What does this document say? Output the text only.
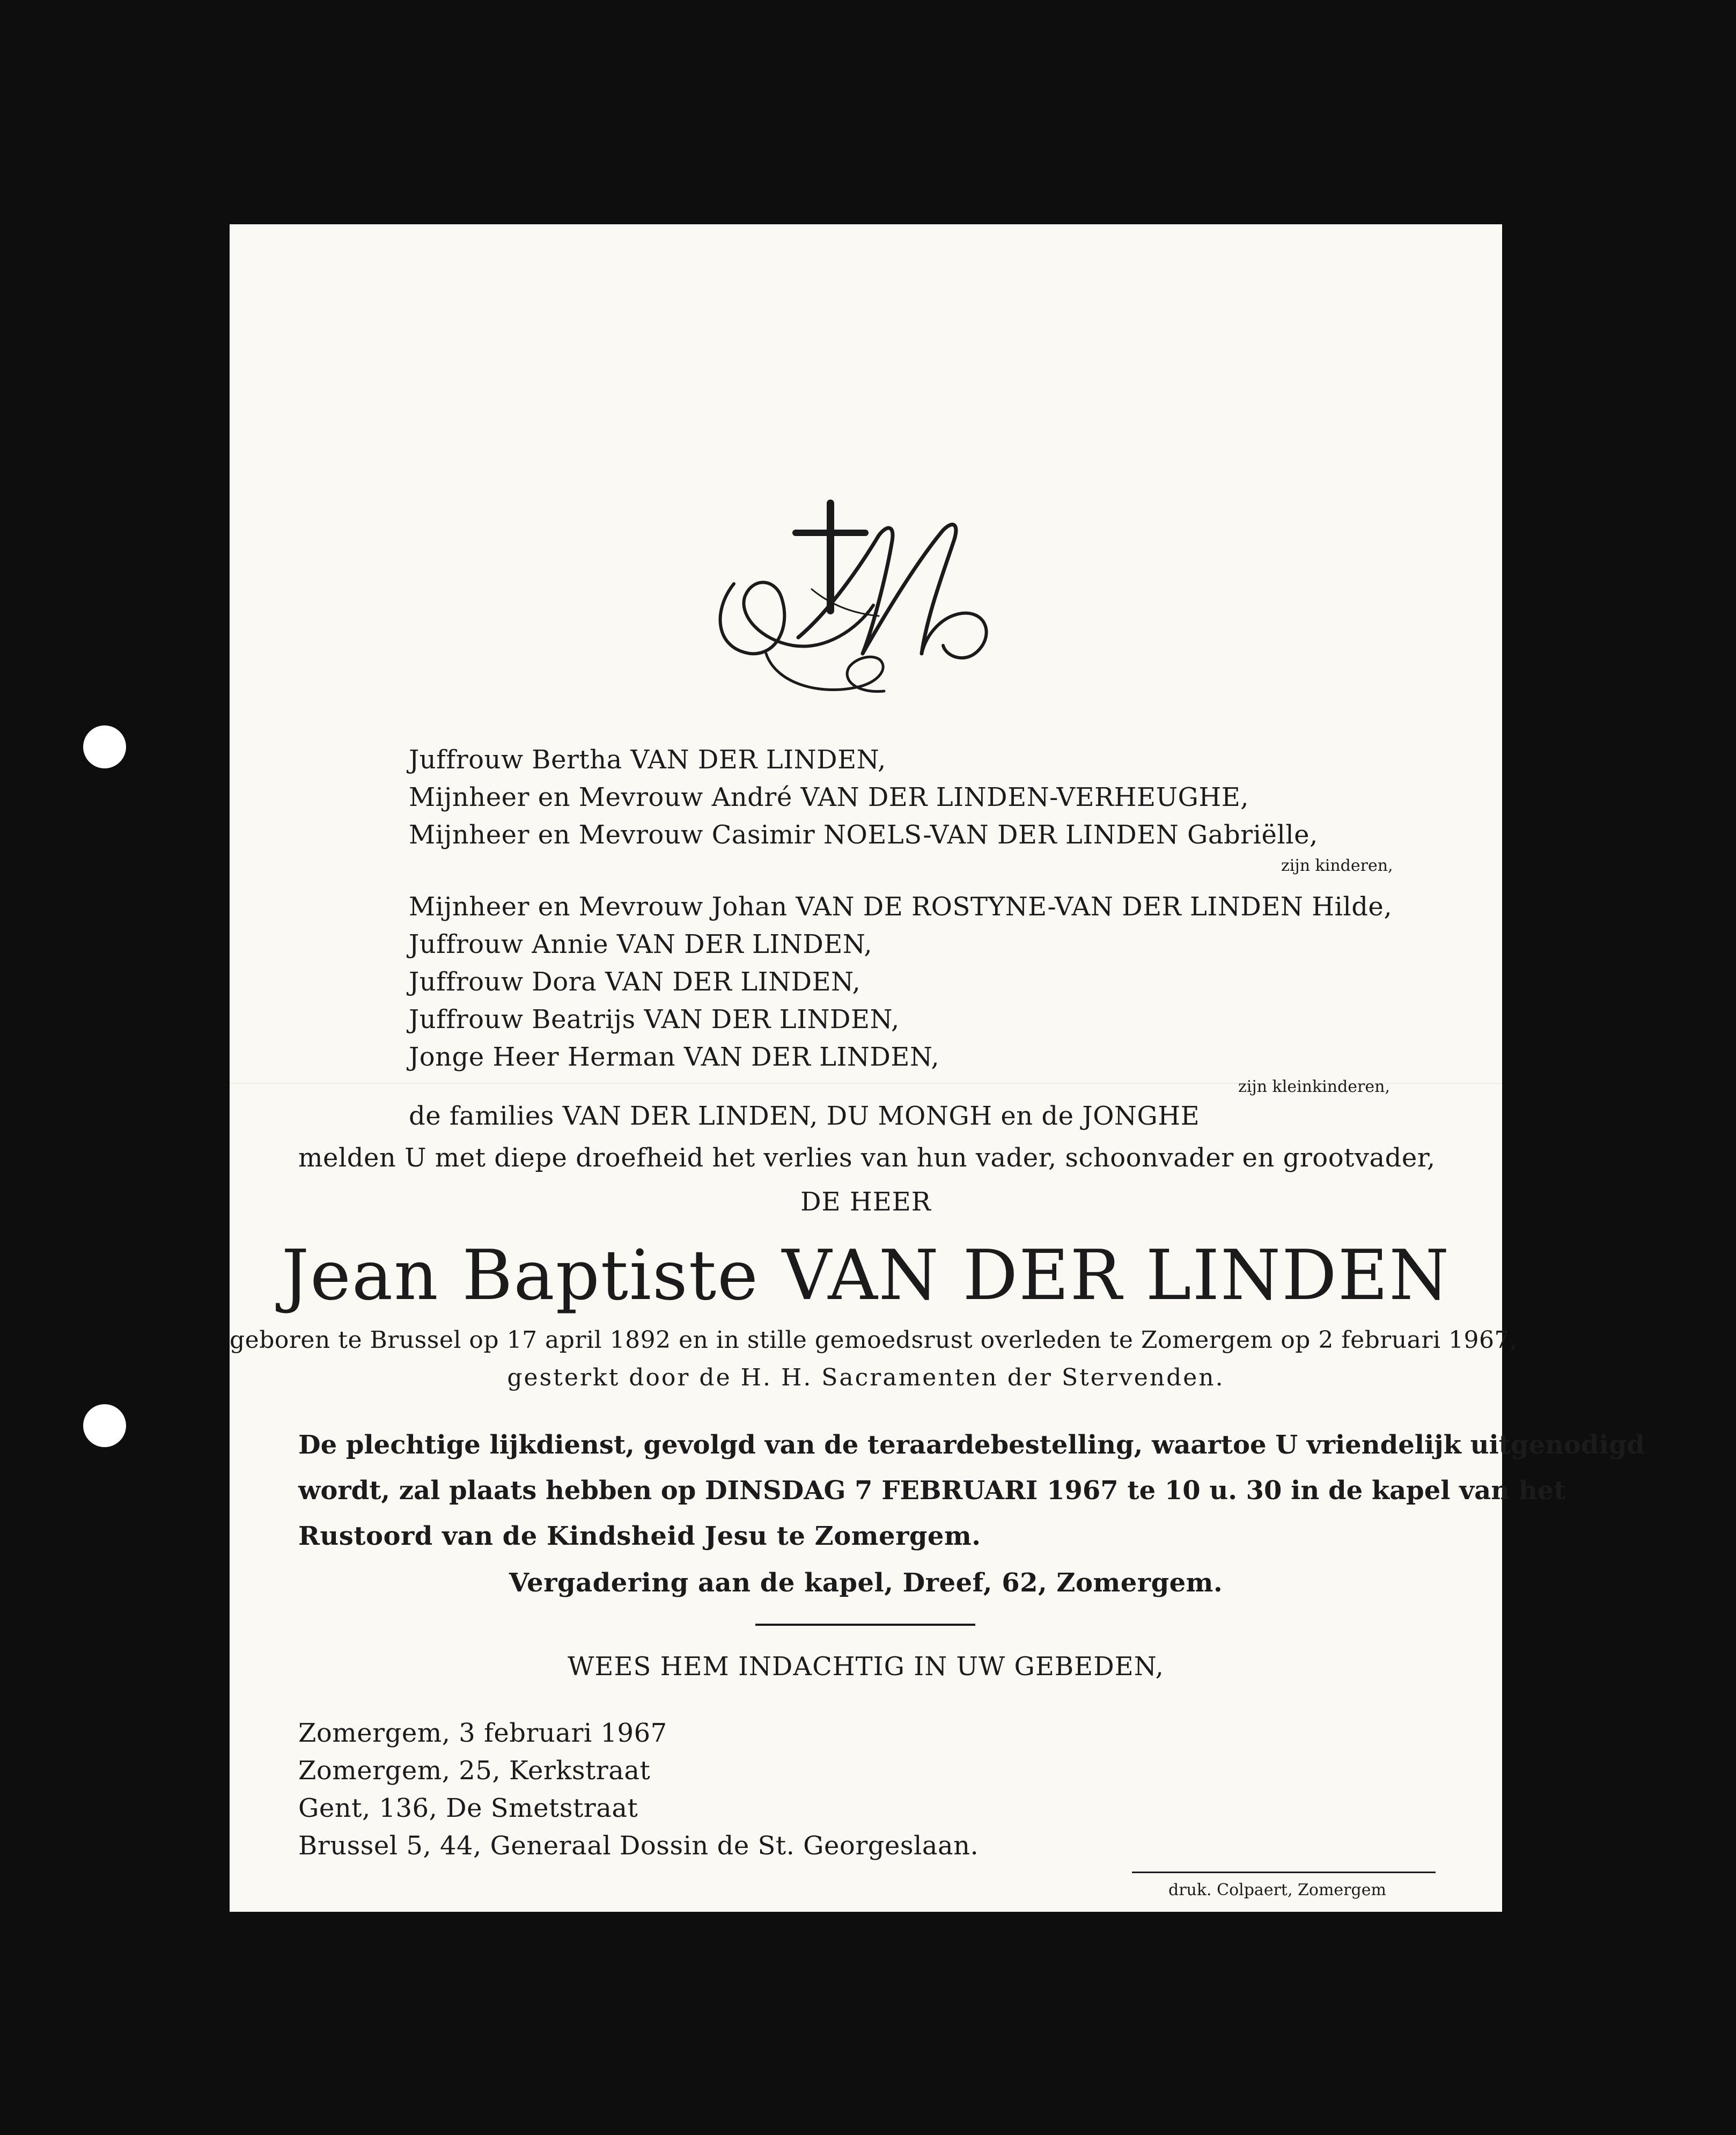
Juffrouw Bertha VAN DER LINDEN,
Mijnheer en Mevrouw André VAN DER LINDEN-VERHEUGHE,
Mijnheer en Mevrouw Casimir NOELS-VAN DER LINDEN Gabriëlle,
zijn kinderen,
Mijnheer en Mevrouw Johan VAN DE ROSTYNE-VAN DER LINDEN Hilde,
Juffrouw Annie VAN DER LINDEN,
Juffrouw Dora VAN DER LINDEN,
Juffrouw Beatrijs VAN DER LINDEN,
Jonge Heer Herman VAN DER LINDEN,
zijn kleinkinderen,
de families VAN DER LINDEN, DU MONGH en de JONGHE
melden U met diepe droefheid het verlies van hun vader, schoonvader en grootvader,
DE HEER
Jean Baptiste VAN DER LINDEN
geboren te Brussel op 17 april 1892 en in stille gemoedsrust overleden te Zomergem op 2 februari 1967,
gesterkt door de H. H. Sacramenten der Stervenden.
De plechtige lijkdienst, gevolgd van de teraardebestelling, waartoe U vriendelijk uitgenodigd
wordt, zal plaats hebben op DINSDAG 7 FEBRUARI 1967 te 10 u. 30 in de kapel van het
Rustoord van de Kindsheid Jesu te Zomergem.
Vergadering aan de kapel, Dreef, 62, Zomergem.
WEES HEM INDACHTIG IN UW GEBEDEN,
Zomergem, 3 februari 1967
Zomergem, 25, Kerkstraat
Gent, 136, De Smetstraat
Brussel 5, 44, Generaal Dossin de St. Georgeslaan.
druk. Colpaert, Zomergem
